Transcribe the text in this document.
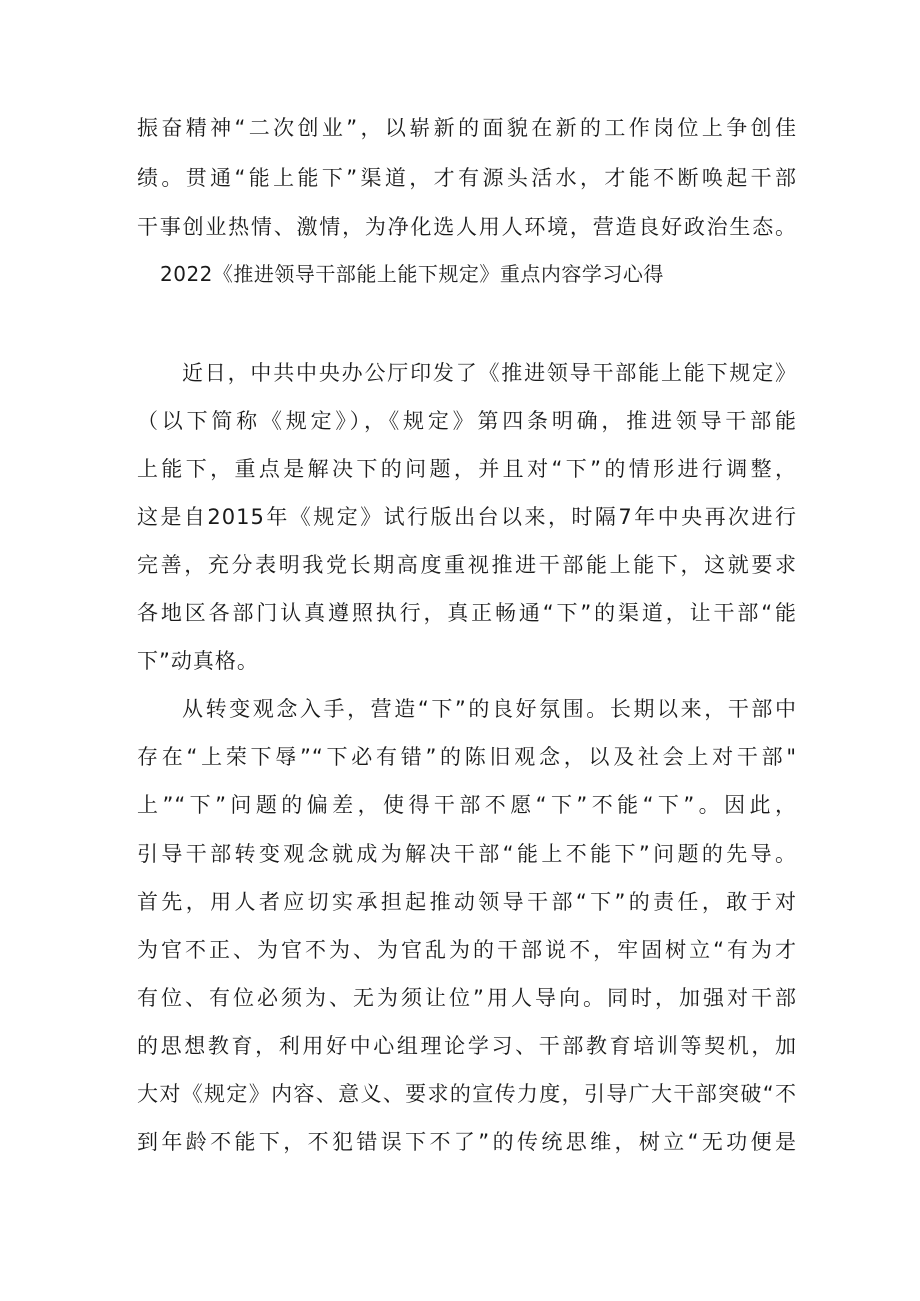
振奋精神“二次创业”，以崭新的面貌在新的工作岗位上争创佳
绩。贯通“能上能下”渠道，才有源头活水，才能不断唤起干部
干事创业热情、激情，为净化选人用人环境，营造良好政治生态。
2022《推进领导干部能上能下规定》重点内容学习心得
近日，中共中央办公厅印发了《推进领导干部能上能下规定》
（以下简称《规定》），《规定》第四条明确，推进领导干部能
上能下，重点是解决下的问题，并且对“下”的情形进行调整，
这是自2015年《规定》试行版出台以来，时隔7年中央再次进行
完善，充分表明我党长期高度重视推进干部能上能下，这就要求
各地区各部门认真遵照执行，真正畅通“下”的渠道，让干部“能
下”动真格。
从转变观念入手，营造“下”的良好氛围。长期以来，干部中
存在“上荣下辱”“下必有错”的陈旧观念，以及社会上对干部"
上”“下”问题的偏差，使得干部不愿“下”不能“下”。因此，
引导干部转变观念就成为解决干部“能上不能下”问题的先导。
首先，用人者应切实承担起推动领导干部“下”的责任，敢于对
为官不正、为官不为、为官乱为的干部说不，牢固树立“有为才
有位、有位必须为、无为须让位”用人导向。同时，加强对干部
的思想教育，利用好中心组理论学习、干部教育培训等契机，加
大对《规定》内容、意义、要求的宣传力度，引导广大干部突破“不
到年龄不能下，不犯错误下不了”的传统思维，树立“无功便是
